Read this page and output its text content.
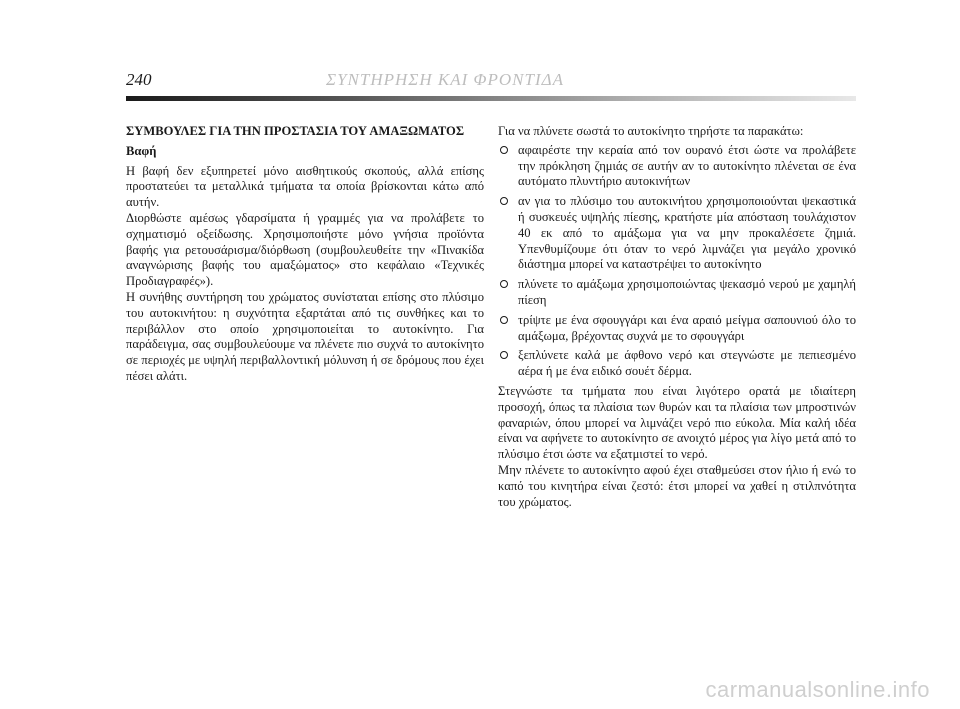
240	ΣΥΝΤΗΡΗΣΗ ΚΑΙ ΦΡΟΝΤΙΔΑ
ΣΥΜΒΟΥΛΕΣ ΓΙΑ ΤΗΝ ΠΡΟΣΤΑΣΙΑ ΤΟΥ ΑΜΑΞΩΜΑΤΟΣ
Βαφή

Η βαφή δεν εξυπηρετεί μόνο αισθητικούς σκοπούς, αλλά επίσης προστατεύει τα μεταλλικά τμήματα τα οποία βρίσκονται κάτω από αυτήν.

Διορθώστε αμέσως γδαρσίματα ή γραμμές για να προλάβετε το σχηματισμό οξείδωσης. Χρησιμοποιήστε μόνο γνήσια προϊόντα βαφής για ρετουσάρισμα/διόρθωση (συμβουλευθείτε την «Πινακίδα αναγνώρισης βαφής του αμαξώματος» στο κεφάλαιο «Τεχνικές Προδιαγραφές»).

Η συνήθης συντήρηση του χρώματος συνίσταται επίσης στο πλύσιμο του αυτοκινήτου: η συχνότητα εξαρτάται από τις συνθήκες και το περιβάλλον στο οποίο χρησιμοποιείται το αυτοκίνητο. Για παράδειγμα, σας συμβουλεύουμε να πλένετε πιο συχνά το αυτοκίνητο σε περιοχές με υψηλή περιβαλλοντική μόλυνση ή σε δρόμους που έχει πέσει αλάτι.

Για να πλύνετε σωστά το αυτοκίνητο τηρήστε τα παρακάτω:

αφαιρέστε την κεραία από τον ουρανό έτσι ώστε να προλάβετε την πρόκληση ζημιάς σε αυτήν αν το αυτοκίνητο πλένεται σε ένα αυτόματο πλυντήριο αυτοκινήτων
αν για το πλύσιμο του αυτοκινήτου χρησιμοποιούνται ψεκαστικά ή συσκευές υψηλής πίεσης, κρατήστε μία απόσταση τουλάχιστον 40 εκ από το αμάξωμα για να μην προκαλέσετε ζημιά. Υπενθυμίζουμε ότι όταν το νερό λιμνάζει για μεγάλο χρονικό διάστημα μπορεί να καταστρέψει το αυτοκίνητο
πλύνετε το αμάξωμα χρησιμοποιώντας ψεκασμό νερού με χαμηλή πίεση
τρίψτε με ένα σφουγγάρι και ένα αραιό μείγμα σαπουνιού όλο το αμάξωμα, βρέχοντας συχνά με το σφουγγάρι
ξεπλύνετε καλά με άφθονο νερό και στεγνώστε με πεπιεσμένο αέρα ή με ένα ειδικό σουέτ δέρμα.

Στεγνώστε τα τμήματα που είναι λιγότερο ορατά με ιδιαίτερη προσοχή, όπως τα πλαίσια των θυρών και τα πλαίσια των μπροστινών φαναριών, όπου μπορεί να λιμνάζει νερό πιο εύκολα. Μία καλή ιδέα είναι να αφήνετε το αυτοκίνητο σε ανοιχτό μέρος για λίγο μετά από το πλύσιμο έτσι ώστε να εξατμιστεί το νερό.

Μην πλένετε το αυτοκίνητο αφού έχει σταθμεύσει στον ήλιο ή ενώ το καπό του κινητήρα είναι ζεστό: έτσι μπορεί να χαθεί η στιλπνότητα του χρώματος.

carmanualsonline.info
